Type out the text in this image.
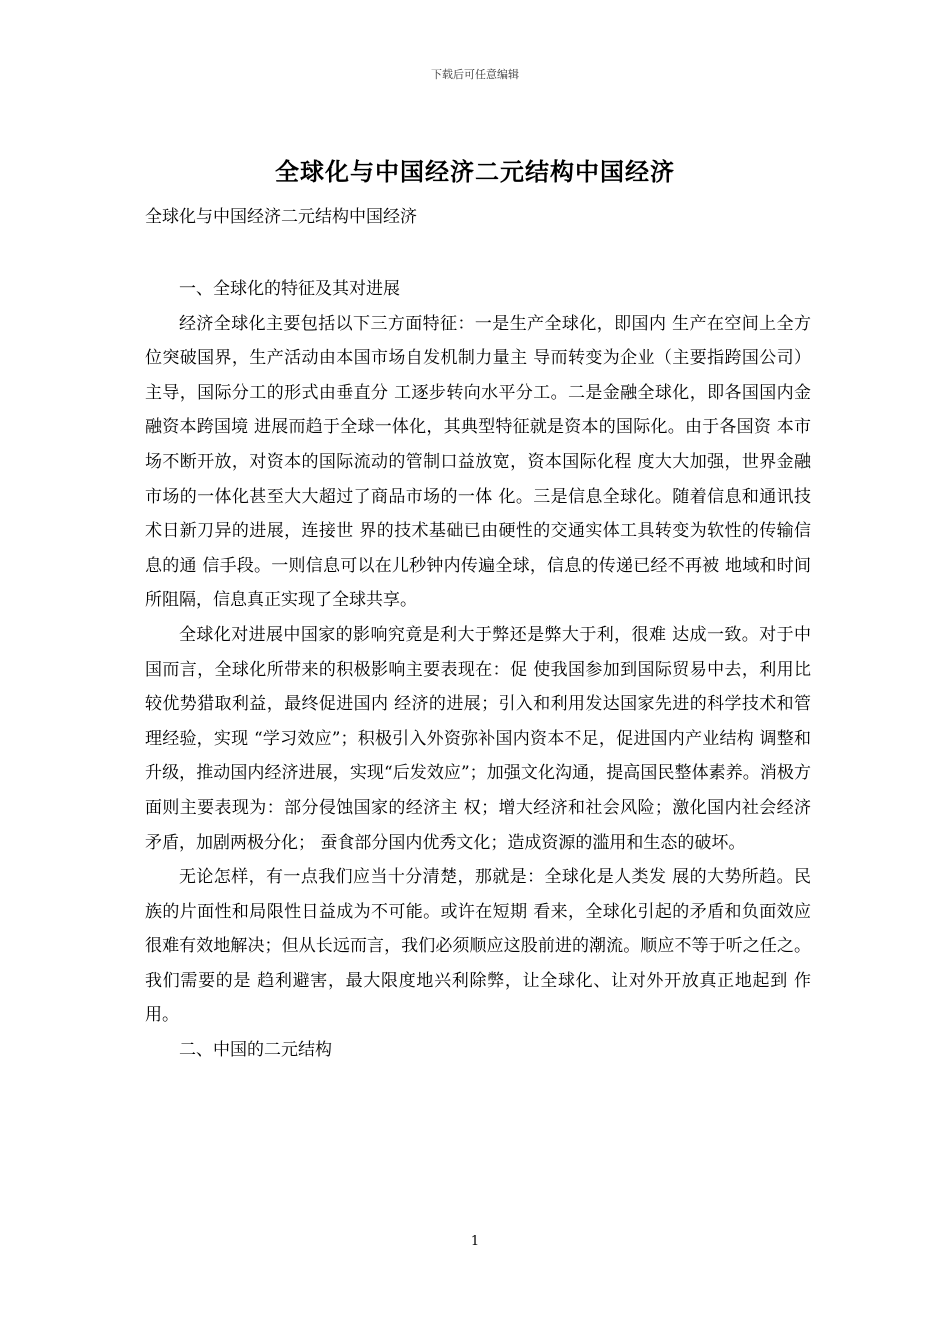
下载后可任意编辑
全球化与中国经济二元结构中国经济
全球化与中国经济二元结构中国经济

一、全球化的特征及其对进展

经济全球化主要包括以下三方面特征：一是生产全球化，即国内 生产在空间上全方位突破国界，生产活动由本国市场自发机制力量主 导而转变为企业（主要指跨国公司）主导，国际分工的形式由垂直分 工逐步转向水平分工。二是金融全球化，即各国国内金融资本跨国境 进展而趋于全球一体化，其典型特征就是资本的国际化。由于各国资 本市场不断开放，对资本的国际流动的管制口益放宽，资本国际化程 度大大加强，世界金融市场的一体化甚至大大超过了商品市场的一体 化。三是信息全球化。随着信息和通讯技术日新刀异的进展，连接世 界的技术基础已由硬性的交通实体工具转变为软性的传输信息的通 信手段。一则信息可以在儿秒钟内传遍全球，信息的传递已经不再被 地域和时间所阻隔，信息真正实现了全球共享。

全球化对进展中国家的影响究竟是利大于弊还是弊大于利，很难 达成一致。对于中国而言，全球化所带来的积极影响主要表现在：促 使我国参加到国际贸易中去，利用比较优势猎取利益，最终促进国内 经济的进展；引入和利用发达国家先进的科学技术和管理经验，实现 “学习效应”；积极引入外资弥补国内资本不足，促进国内产业结构 调整和升级，推动国内经济进展，实现“后发效应”；加强文化沟通，提高国民整体素养。消极方面则主要表现为：部分侵蚀国家的经济主 权；增大经济和社会风险；激化国内社会经济矛盾，加剧两极分化； 蚕食部分国内优秀文化；造成资源的滥用和生态的破坏。

无论怎样，有一点我们应当十分清楚，那就是：全球化是人类发 展的大势所趋。民族的片面性和局限性日益成为不可能。或许在短期 看来，全球化引起的矛盾和负面效应很难有效地解决；但从长远而言，我们必须顺应这股前进的潮流。顺应不等于听之任之。我们需要的是 趋利避害，最大限度地兴利除弊，让全球化、让对外开放真正地起到 作用。

二、中国的二元结构

1
